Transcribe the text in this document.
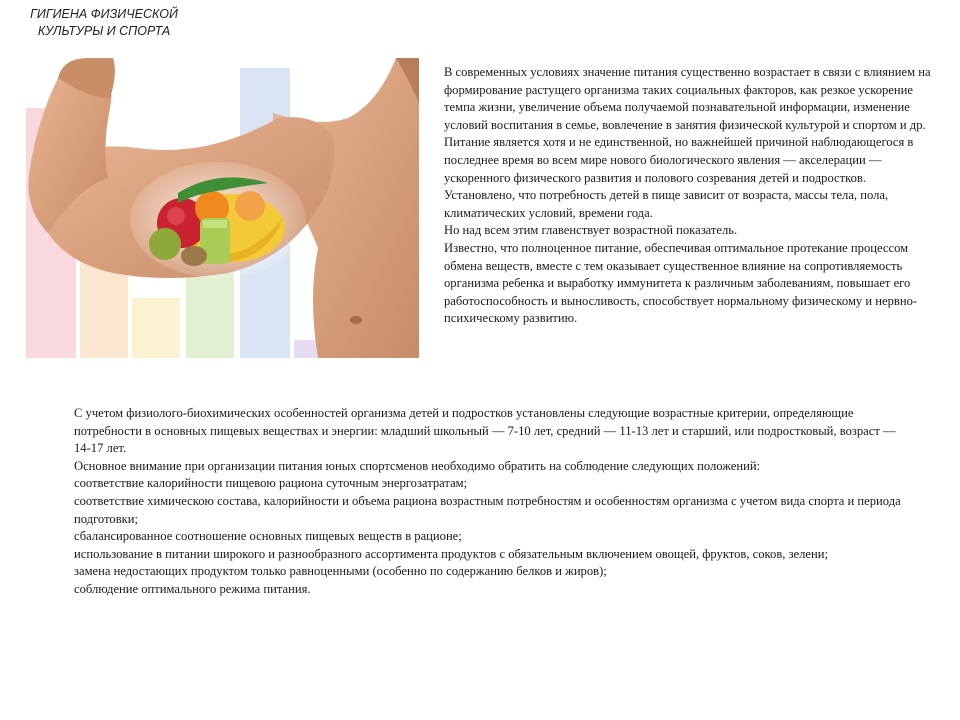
ГИГИЕНА ФИЗИЧЕСКОЙ
КУЛЬТУРЫ И СПОРТА

В современных условиях значение питания существенно возрастает в связи с влиянием на формирование растущего организма таких социальных факторов, как резкое ускорение темпа жизни, увеличение объема получаемой познавательной информации, изменение условий воспитания в семье, вовлечение в занятия физической культурой и спортом и др.

Питание является хотя и не единственной, но важнейшей причиной наблюдающегося в последнее время во всем мире нового биологического явления — акселерации — ускоренного физического развития и полового созревания детей и подростков.

Установлено, что потребность детей в пище зависит от возраста, массы тела, пола, климатических условий, времени года.

Но над всем этим главенствует возрастной показатель.

Известно, что полноценное питание, обеспечивая оптимальное протекание процессом обмена веществ, вместе с тем оказывает существенное влияние на сопротивляемость организма ребенка и выработку иммунитета к различным заболеваниям, повышает его работоспособность и выносливость, способствует нормальному физическому и нервно-психическому развитию.

С учетом физиолого-биохимических особенностей организма детей и подростков установлены следующие возрастные критерии, определяющие потребности в основных пищевых веществах и энергии: младший школьный — 7-10 лет, средний — 11-13 лет и старший, или подростковый, возраст — 14-17 лет.

Основное внимание при организации питания юных спортсменов необходимо обратить на соблюдение следующих положений:

соответствие калорийности пищевою рациона суточным энергозатратам;

соответствие химическою состава, калорийности и объема рациона возрастным потребностям и особенностям организма с учетом вида спорта и периода подготовки;

сбалансированное соотношение основных пищевых веществ в рационе;

использование в питании широкого и разнообразного ассортимента продуктов с обязательным включением овощей, фруктов, соков, зелени;

замена недостающих продуктом только равноценными (особенно по содержанию белков и жиров);

соблюдение оптимального режима питания.
